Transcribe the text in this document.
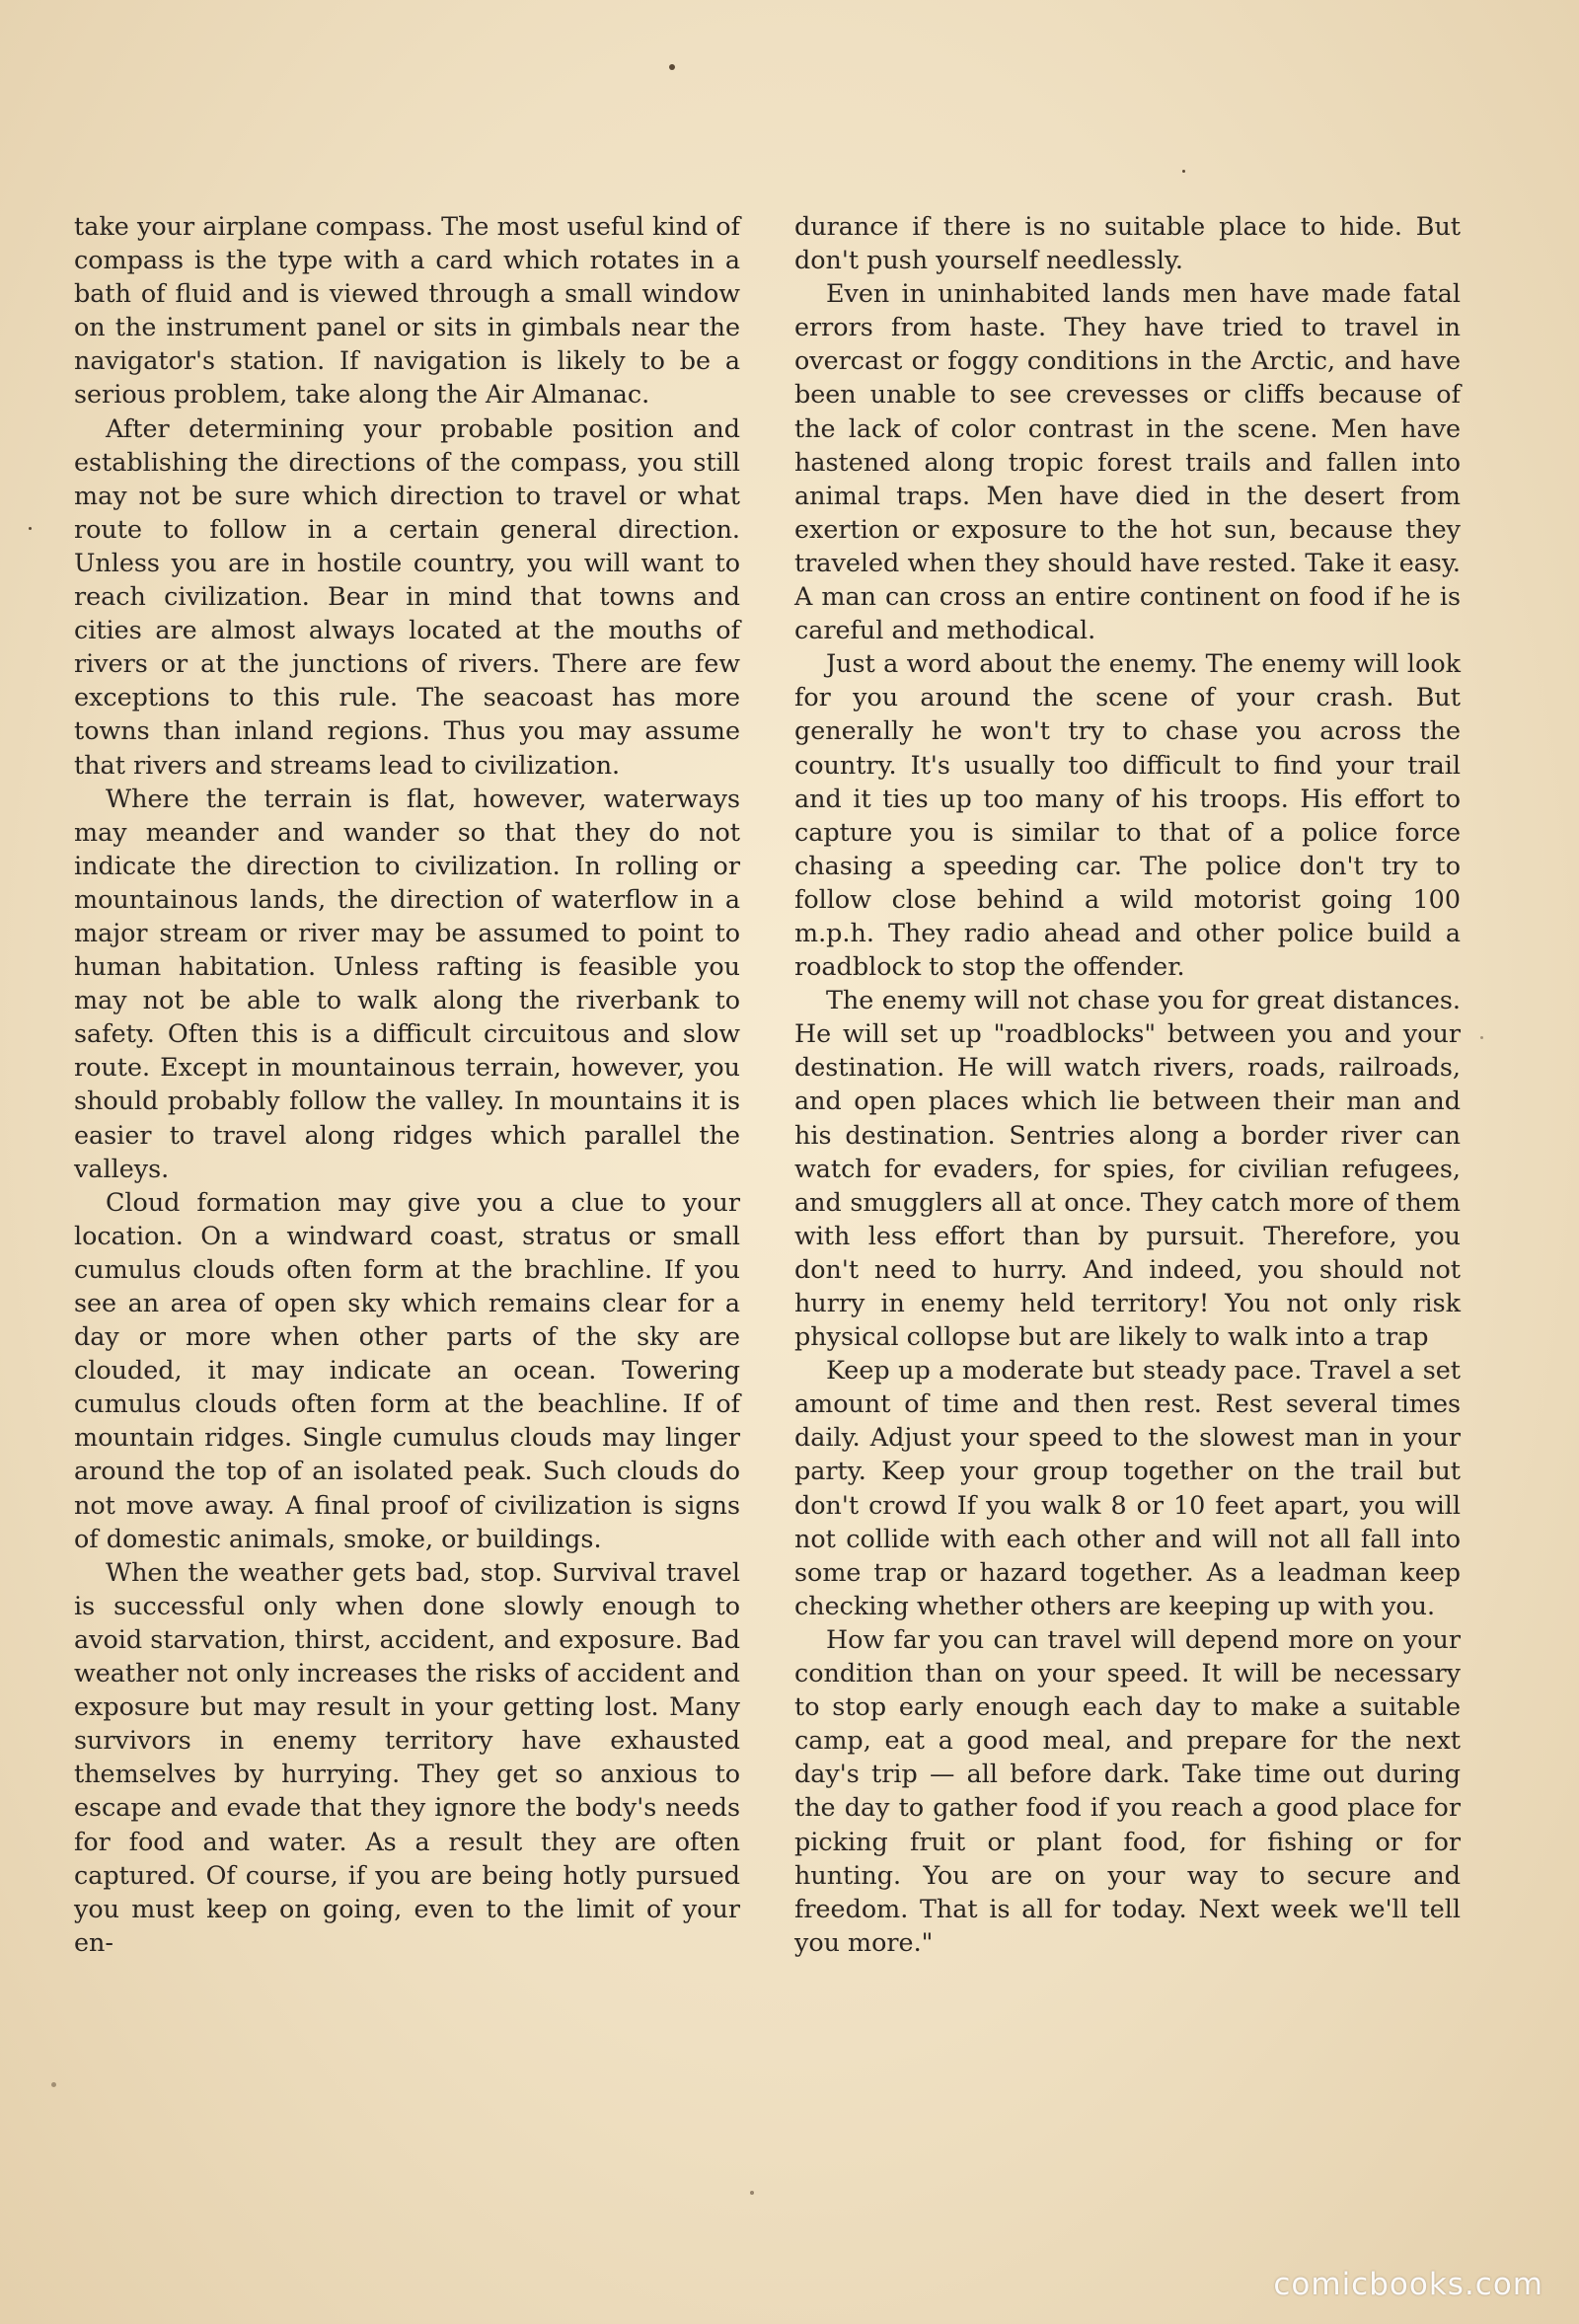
take your airplane compass. The most useful kind of compass is the type with a card which rotates in a bath of fluid and is viewed through a small window on the instrument panel or sits in gimbals near the navigator's station. If navigation is likely to be a serious problem, take along the Air Almanac.

After determining your probable position and establishing the directions of the compass, you still may not be sure which direction to travel or what route to follow in a certain general direction. Unless you are in hostile country, you will want to reach civilization. Bear in mind that towns and cities are almost always located at the mouths of rivers or at the junctions of rivers. There are few exceptions to this rule. The seacoast has more towns than inland regions. Thus you may assume that rivers and streams lead to civilization.

Where the terrain is flat, however, waterways may meander and wander so that they do not indicate the direction to civilization. In rolling or mountainous lands, the direction of waterflow in a major stream or river may be assumed to point to human habitation. Unless rafting is feasible you may not be able to walk along the riverbank to safety. Often this is a difficult circuitous and slow route. Except in mountainous terrain, however, you should probably follow the valley. In mountains it is easier to travel along ridges which parallel the valleys.

Cloud formation may give you a clue to your location. On a windward coast, stratus or small cumulus clouds often form at the brachline. If you see an area of open sky which remains clear for a day or more when other parts of the sky are clouded, it may indicate an ocean. Towering cumulus clouds often form at the beachline. If of mountain ridges. Single cumulus clouds may linger around the top of an isolated peak. Such clouds do not move away. A final proof of civilization is signs of domestic animals, smoke, or buildings.

When the weather gets bad, stop. Survival travel is successful only when done slowly enough to avoid starvation, thirst, accident, and exposure. Bad weather not only increases the risks of accident and exposure but may result in your getting lost. Many survivors in enemy territory have exhausted themselves by hurrying. They get so anxious to escape and evade that they ignore the body's needs for food and water. As a result they are often captured. Of course, if you are being hotly pursued you must keep on going, even to the limit of your en-

durance if there is no suitable place to hide. But don't push yourself needlessly.

Even in uninhabited lands men have made fatal errors from haste. They have tried to travel in overcast or foggy conditions in the Arctic, and have been unable to see crevesses or cliffs because of the lack of color contrast in the scene. Men have hastened along tropic forest trails and fallen into animal traps. Men have died in the desert from exertion or exposure to the hot sun, because they traveled when they should have rested. Take it easy. A man can cross an entire continent on food if he is careful and methodical.

Just a word about the enemy. The enemy will look for you around the scene of your crash. But generally he won't try to chase you across the country. It's usually too difficult to find your trail and it ties up too many of his troops. His effort to capture you is similar to that of a police force chasing a speeding car. The police don't try to follow close behind a wild motorist going 100 m.p.h. They radio ahead and other police build a roadblock to stop the offender.

The enemy will not chase you for great distances. He will set up "roadblocks" between you and your destination. He will watch rivers, roads, railroads, and open places which lie between their man and his destination. Sentries along a border river can watch for evaders, for spies, for civilian refugees, and smugglers all at once. They catch more of them with less effort than by pursuit. Therefore, you don't need to hurry. And indeed, you should not hurry in enemy held territory! You not only risk physical collopse but are likely to walk into a trap

Keep up a moderate but steady pace. Travel a set amount of time and then rest. Rest several times daily. Adjust your speed to the slowest man in your party. Keep your group together on the trail but don't crowd If you walk 8 or 10 feet apart, you will not collide with each other and will not all fall into some trap or hazard together. As a leadman keep checking whether others are keeping up with you.

How far you can travel will depend more on your condition than on your speed. It will be necessary to stop early enough each day to make a suitable camp, eat a good meal, and prepare for the next day's trip — all before dark. Take time out during the day to gather food if you reach a good place for picking fruit or plant food, for fishing or for hunting. You are on your way to secure and freedom. That is all for today. Next week we'll tell you more."

comicbooks.com
